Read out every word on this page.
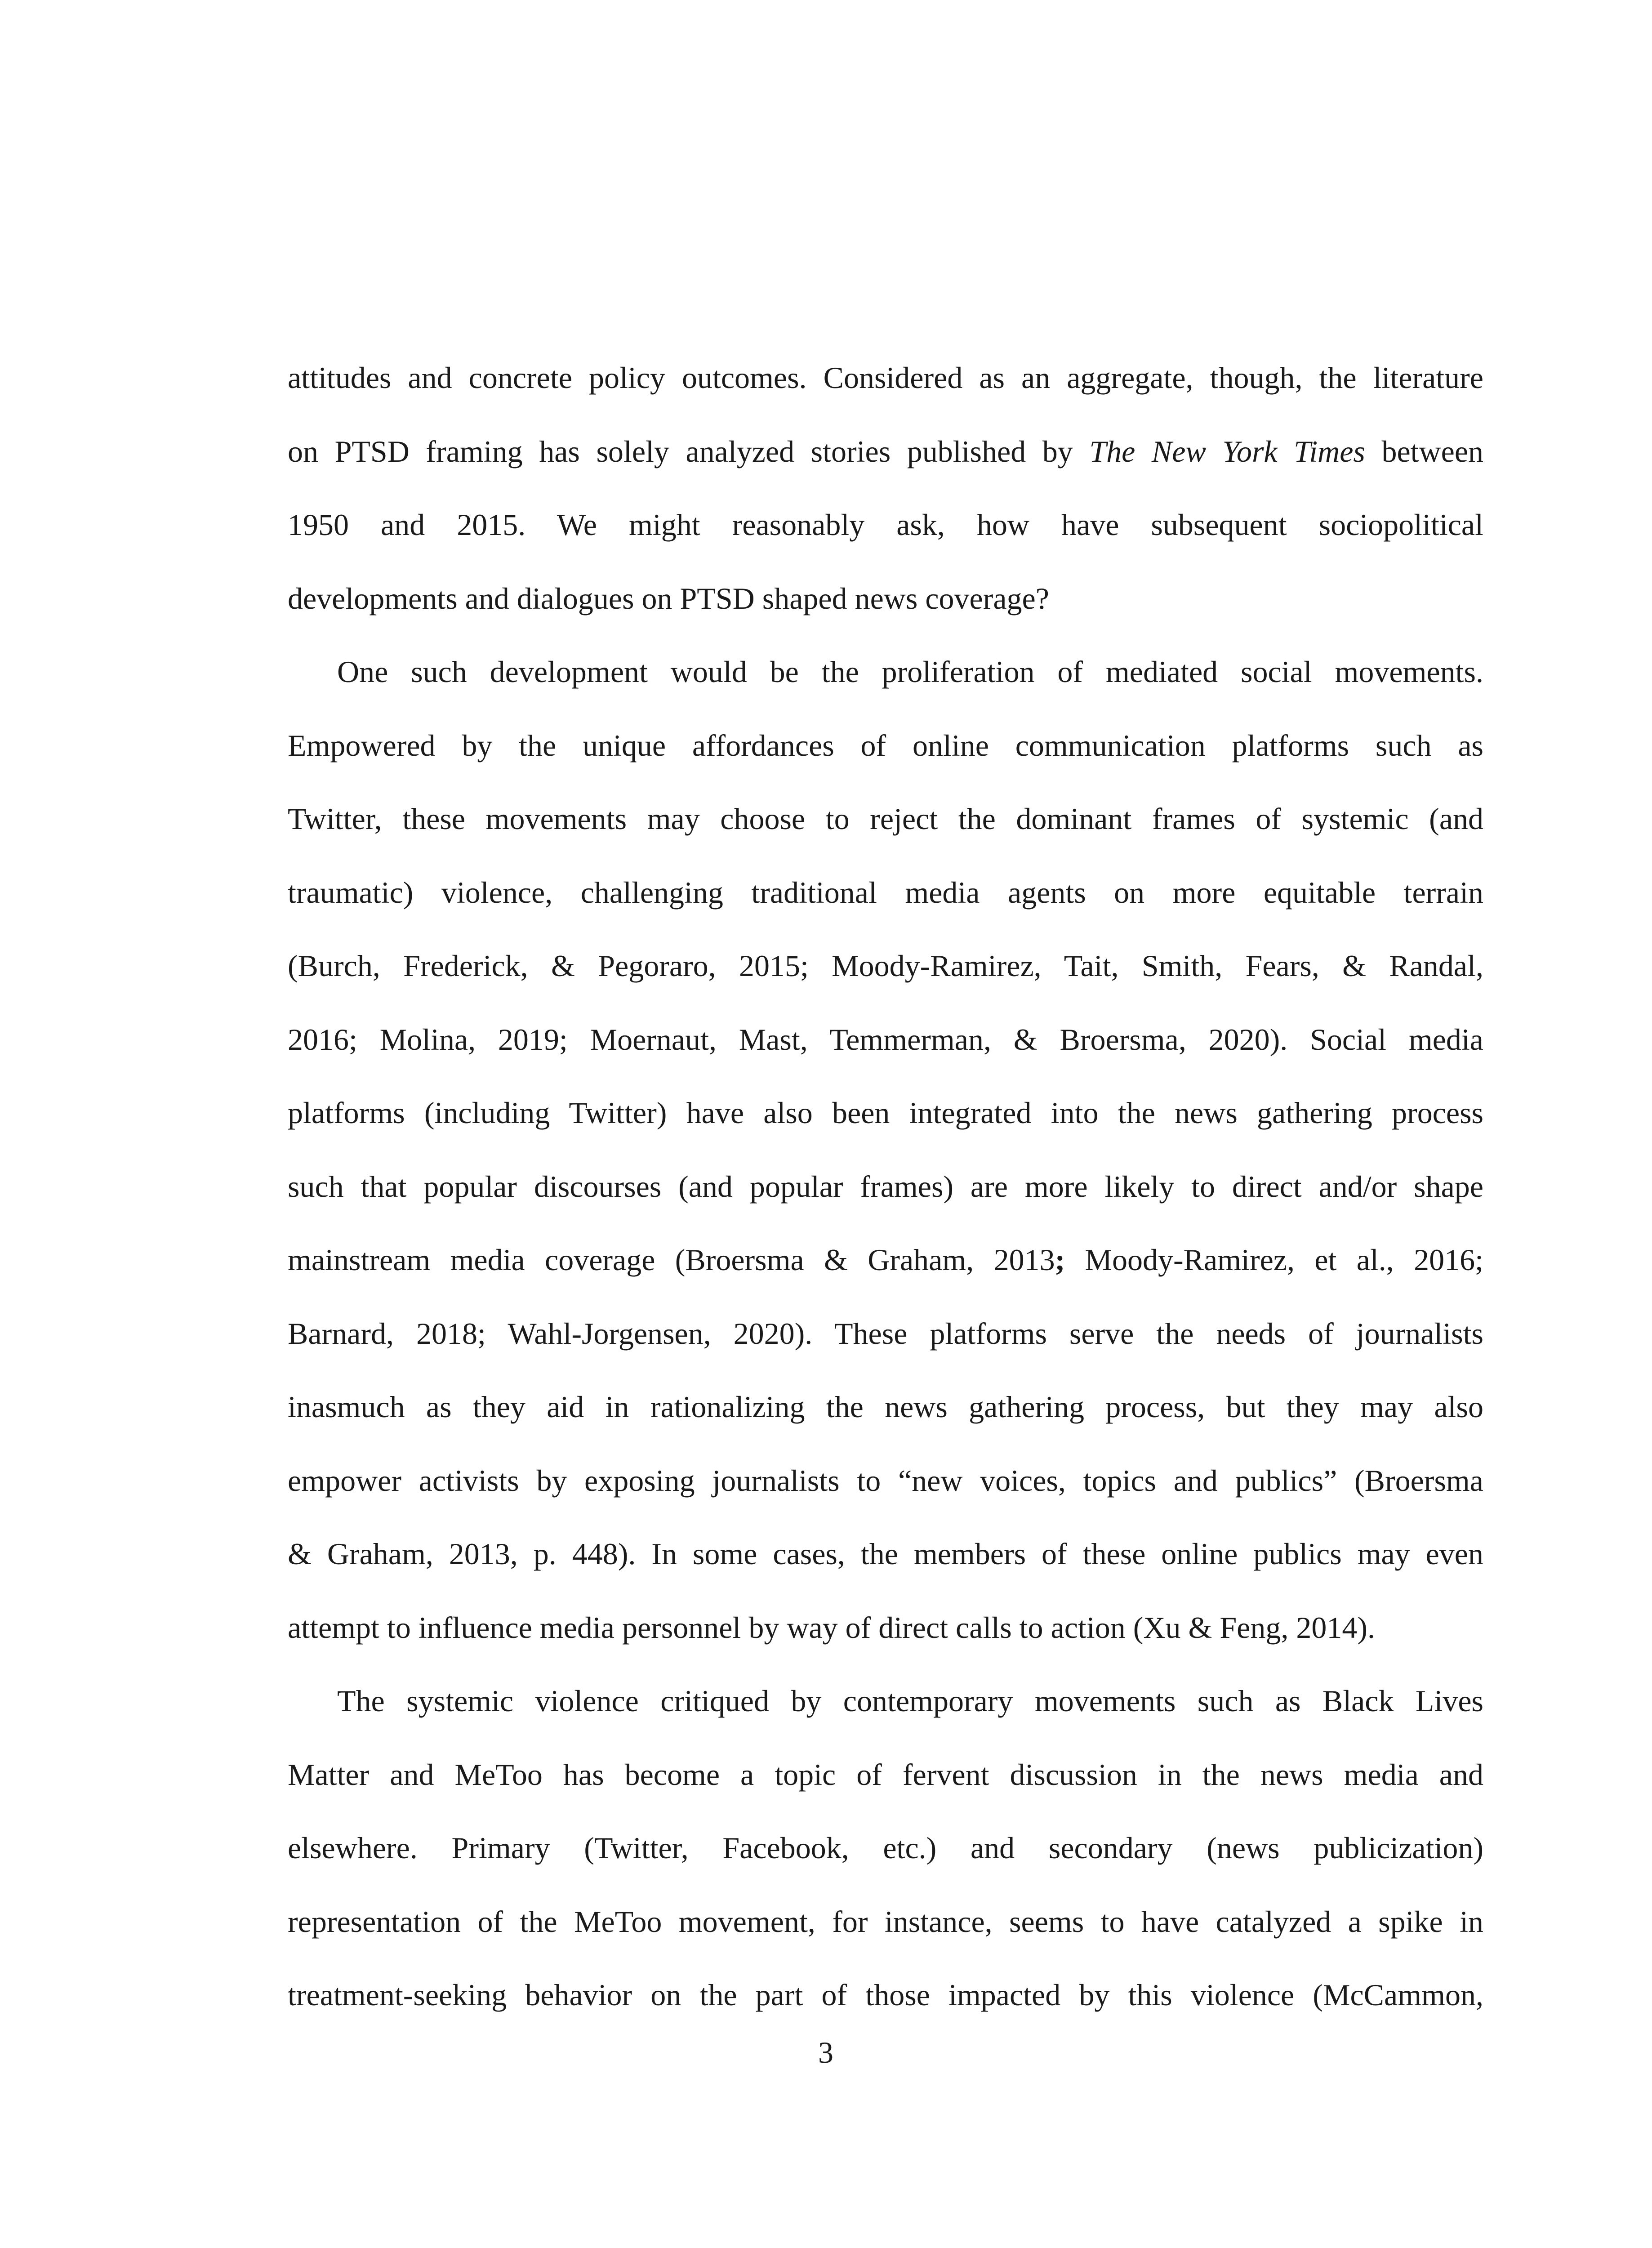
attitudes and concrete policy outcomes. Considered as an aggregate, though, the literature
on PTSD framing has solely analyzed stories published by The New York Times between
1950 and 2015. We might reasonably ask, how have subsequent sociopolitical
developments and dialogues on PTSD shaped news coverage?
One such development would be the proliferation of mediated social movements.
Empowered by the unique affordances of online communication platforms such as
Twitter, these movements may choose to reject the dominant frames of systemic (and
traumatic) violence, challenging traditional media agents on more equitable terrain
(Burch, Frederick, & Pegoraro, 2015; Moody-Ramirez, Tait, Smith, Fears, & Randal,
2016; Molina, 2019; Moernaut, Mast, Temmerman, & Broersma, 2020). Social media
platforms (including Twitter) have also been integrated into the news gathering process
such that popular discourses (and popular frames) are more likely to direct and/or shape
mainstream media coverage (Broersma & Graham, 2013; Moody-Ramirez, et al., 2016;
Barnard, 2018; Wahl-Jorgensen, 2020). These platforms serve the needs of journalists
inasmuch as they aid in rationalizing the news gathering process, but they may also
empower activists by exposing journalists to “new voices, topics and publics” (Broersma
& Graham, 2013, p. 448). In some cases, the members of these online publics may even
attempt to influence media personnel by way of direct calls to action (Xu & Feng, 2014).
The systemic violence critiqued by contemporary movements such as Black Lives
Matter and MeToo has become a topic of fervent discussion in the news media and
elsewhere. Primary (Twitter, Facebook, etc.) and secondary (news publicization)
representation of the MeToo movement, for instance, seems to have catalyzed a spike in
treatment-seeking behavior on the part of those impacted by this violence (McCammon,
3
